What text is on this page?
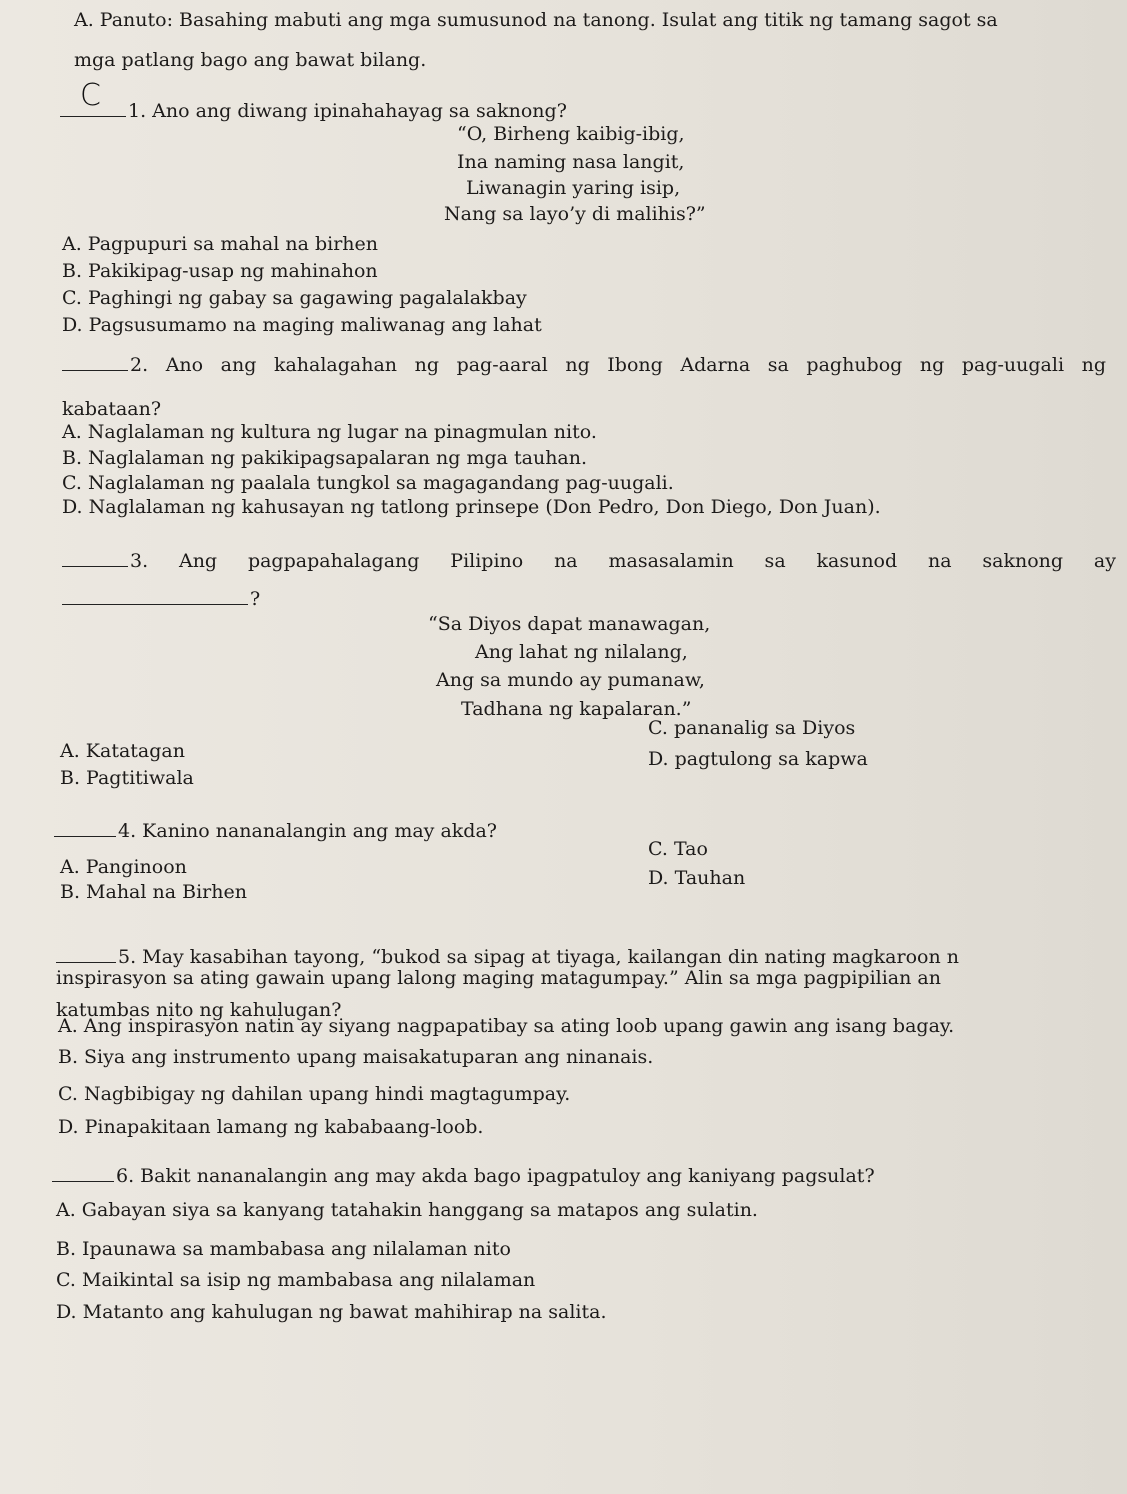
A. Panuto: Basahing mabuti ang mga sumusunod na tanong. Isulat ang titik ng tamang sagot sa
mga patlang bago ang bawat bilang.
C 1. Ano ang diwang ipinahahayag sa saknong?
“O, Birheng kaibig-ibig,
Ina naming nasa langit,
Liwanagin yaring isip,
Nang sa layo’y di malihis?”
A. Pagpupuri sa mahal na birhen
B. Pakikipag-usap ng mahinahon
C. Paghingi ng gabay sa gagawing pagalalakbay
D. Pagsusumamo na maging maliwanag ang lahat
2. Ano ang kahalagahan ng pag-aaral ng Ibong Adarna sa paghubog ng pag-uugali ng
kabataan?
A. Naglalaman ng kultura ng lugar na pinagmulan nito.
B. Naglalaman ng pakikipagsapalaran ng mga tauhan.
C. Naglalaman ng paalala tungkol sa magagandang pag-uugali.
D. Naglalaman ng kahusayan ng tatlong prinsepe (Don Pedro, Don Diego, Don Juan).
3. Ang pagpapahalagang Pilipino na masasalamin sa kasunod na saknong ay
?
“Sa Diyos dapat manawagan,
Ang lahat ng nilalang,
Ang sa mundo ay pumanaw,
Tadhana ng kapalaran.”
A. Katatagan
B. Pagtitiwala
C. pananalig sa Diyos
D. pagtulong sa kapwa
4. Kanino nananalangin ang may akda?
A. Panginoon
B. Mahal na Birhen
C. Tao
D. Tauhan
5. May kasabihan tayong, “bukod sa sipag at tiyaga, kailangan din nating magkaroon n
inspirasyon sa ating gawain upang lalong maging matagumpay.” Alin sa mga pagpipilian an
katumbas nito ng kahulugan?
A. Ang inspirasyon natin ay siyang nagpapatibay sa ating loob upang gawin ang isang bagay.
B. Siya ang instrumento upang maisakatuparan ang ninanais.
C. Nagbibigay ng dahilan upang hindi magtagumpay.
D. Pinapakitaan lamang ng kababaang-loob.
6. Bakit nananalangin ang may akda bago ipagpatuloy ang kaniyang pagsulat?
A. Gabayan siya sa kanyang tatahakin hanggang sa matapos ang sulatin.
B. Ipaunawa sa mambabasa ang nilalaman nito
C. Maikintal sa isip ng mambabasa ang nilalaman
D. Matanto ang kahulugan ng bawat mahihirap na salita.
